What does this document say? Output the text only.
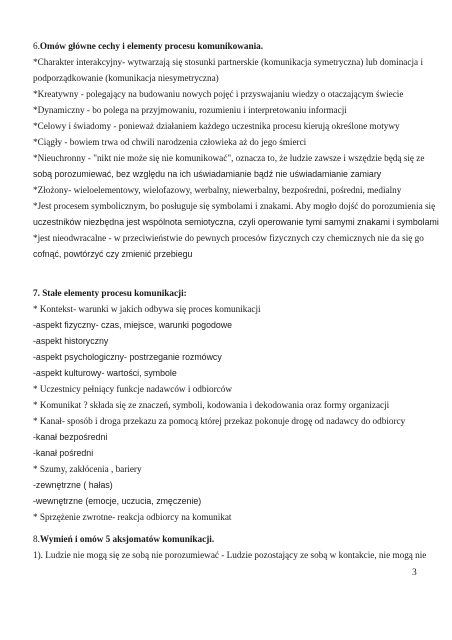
6.Omów główne cechy i elementy procesu komunikowania.
*Charakter interakcyjny- wytwarzają się stosunki partnerskie (komunikacja symetryczna) lub dominacja i
podporządkowanie (komunikacja niesymetryczna)
*Kreatywny - polegający na budowaniu nowych pojęć i przyswajaniu wiedzy o otaczającym świecie
*Dynamiczny - bo polega na przyjmowaniu, rozumieniu i interpretowaniu informacji
*Celowy i świadomy - ponieważ działaniem każdego uczestnika procesu kierują określone motywy
*Ciągły - bowiem trwa od chwili narodzenia człowieka aż do jego śmierci
*Nieuchronny - "nikt nie może się nie komunikować", oznacza to, że ludzie zawsze i wszędzie będą się ze
sobą porozumiewać, bez względu na ich uświadamianie bądź nie uświadamianie zamiary
*Złożony- wieloelementowy, wielofazowy, werbalny, niewerbalny, bezpośredni, pośredni, medialny
*Jest procesem symbolicznym, bo posługuje się symbolami i znakami. Aby mogło dojść do porozumienia się
uczestników niezbędna jest wspólnota semiotyczna, czyli operowanie tymi samymi znakami i symbolami
*jest nieodwracalne - w przeciwieństwie do pewnych procesów fizycznych czy chemicznych nie da się go
cofnąć, powtórzyć czy zmienić przebiegu
7. Stałe elementy procesu komunikacji:
* Kontekst- warunki w jakich odbywa się proces komunikacji
-aspekt fizyczny- czas, miejsce, warunki pogodowe
-aspekt historyczny
-aspekt psychologiczny- postrzeganie rozmówcy
-aspekt kulturowy- wartości, symbole
* Uczestnicy pełniący funkcje nadawców i odbiorców
* Komunikat ? składa się ze znaczeń, symboli, kodowania i dekodowania oraz formy organizacji
* Kanał- sposób i droga przekazu za pomocą której przekaz pokonuje drogę od nadawcy do odbiorcy
-kanał bezpośredni
-kanał pośredni
* Szumy, zakłócenia , bariery
-zewnętrzne ( hałas)
-wewnętrzne (emocje, uczucia, zmęczenie)
* Sprzężenie zwrotne- reakcja odbiorcy na komunikat
8.Wymień i omów 5 aksjomatów komunikacji.
1). Ludzie nie mogą się ze sobą nie porozumiewać - Ludzie pozostający ze sobą w kontakcie, nie mogą nie
3
